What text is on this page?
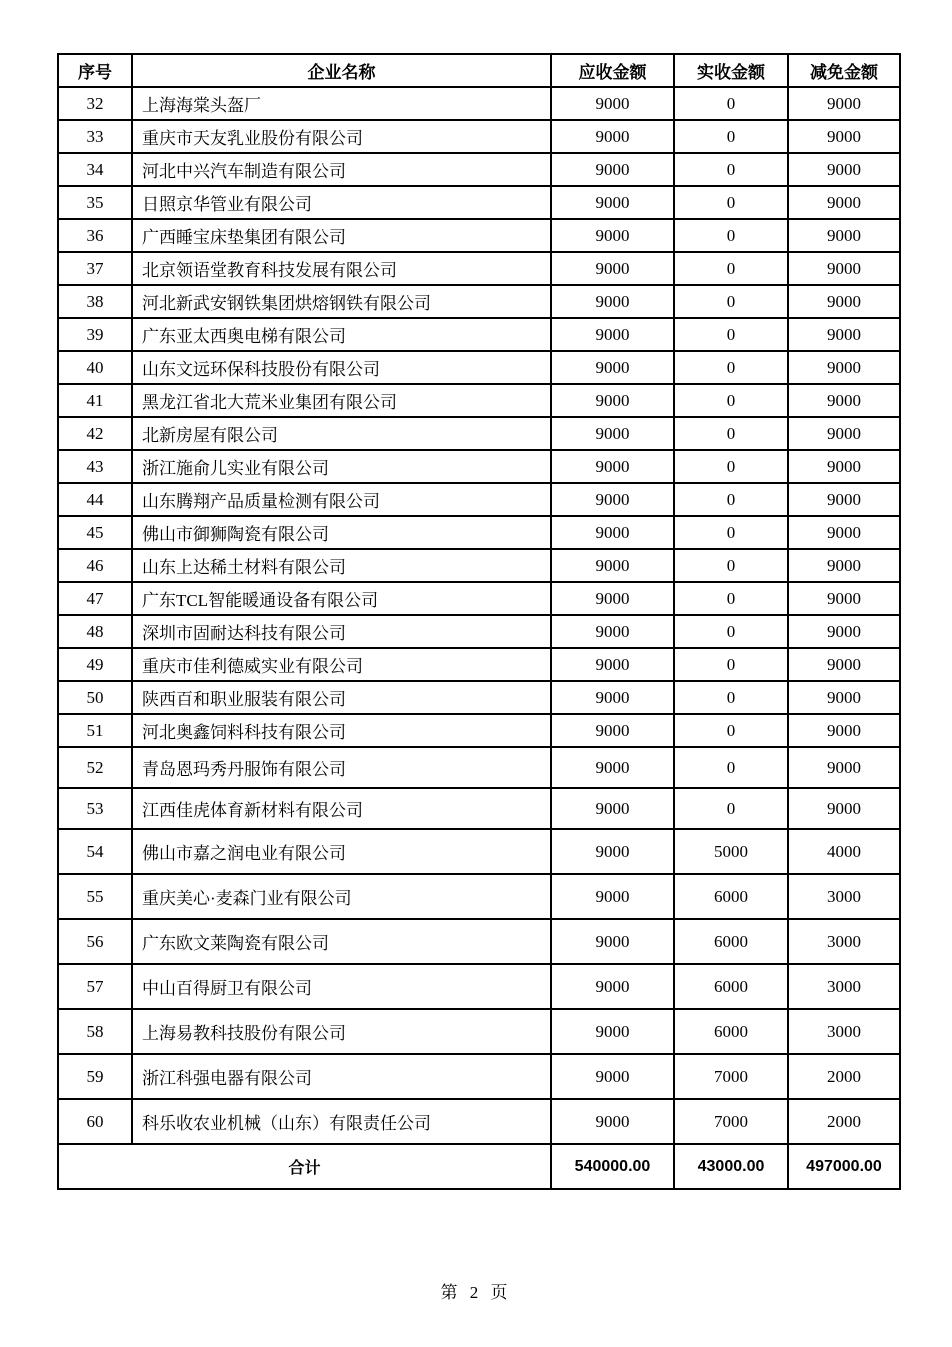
序号	企业名称	应收金额	实收金额	减免金额
32	上海海棠头盔厂	9000	0	9000
33	重庆市天友乳业股份有限公司	9000	0	9000
34	河北中兴汽车制造有限公司	9000	0	9000
35	日照京华管业有限公司	9000	0	9000
36	广西睡宝床垫集团有限公司	9000	0	9000
37	北京领语堂教育科技发展有限公司	9000	0	9000
38	河北新武安钢铁集团烘熔钢铁有限公司	9000	0	9000
39	广东亚太西奥电梯有限公司	9000	0	9000
40	山东文远环保科技股份有限公司	9000	0	9000
41	黑龙江省北大荒米业集团有限公司	9000	0	9000
42	北新房屋有限公司	9000	0	9000
43	浙江施俞儿实业有限公司	9000	0	9000
44	山东腾翔产品质量检测有限公司	9000	0	9000
45	佛山市御狮陶瓷有限公司	9000	0	9000
46	山东上达稀土材料有限公司	9000	0	9000
47	广东TCL智能暖通设备有限公司	9000	0	9000
48	深圳市固耐达科技有限公司	9000	0	9000
49	重庆市佳利德威实业有限公司	9000	0	9000
50	陕西百和职业服装有限公司	9000	0	9000
51	河北奥鑫饲料科技有限公司	9000	0	9000
52	青岛恩玛秀丹服饰有限公司	9000	0	9000
53	江西佳虎体育新材料有限公司	9000	0	9000
54	佛山市嘉之润电业有限公司	9000	5000	4000
55	重庆美心·麦森门业有限公司	9000	6000	3000
56	广东欧文莱陶瓷有限公司	9000	6000	3000
57	中山百得厨卫有限公司	9000	6000	3000
58	上海易教科技股份有限公司	9000	6000	3000
59	浙江科强电器有限公司	9000	7000	2000
60	科乐收农业机械（山东）有限责任公司	9000	7000	2000
合计		540000.00	43000.00	497000.00
第 2 页
